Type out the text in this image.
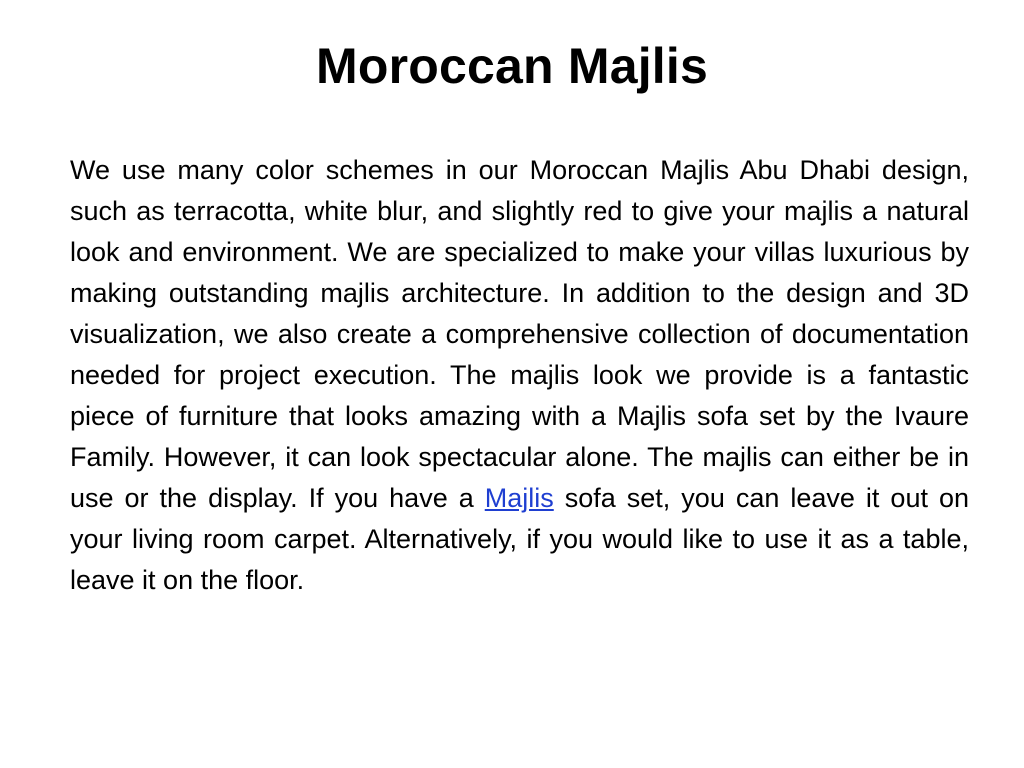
Moroccan Majlis

We use many color schemes in our Moroccan Majlis Abu Dhabi design, such as terracotta, white blur, and slightly red to give your majlis a natural look and environment. We are specialized to make your villas luxurious by making outstanding majlis architecture. In addition to the design and 3D visualization, we also create a comprehensive collection of documentation needed for project execution. The majlis look we provide is a fantastic piece of furniture that looks amazing with a Majlis sofa set by the Ivaure Family. However, it can look spectacular alone. The majlis can either be in use or the display. If you have a Majlis sofa set, you can leave it out on your living room carpet. Alternatively, if you would like to use it as a table, leave it on the floor.
